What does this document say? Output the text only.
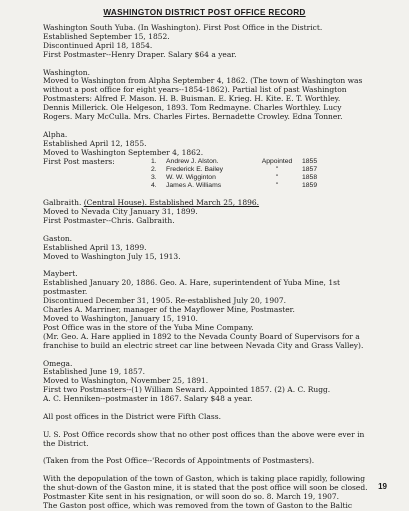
WASHINGTON DISTRICT POST OFFICE RECORD
Washington South Yuba. (In Washington). First Post Office in the District.
Established September 15, 1852.
Discontinued April 18, 1854.
First Postmaster--Henry Draper. Salary $64 a year.
Washington.
Moved to Washington from Alpha September 4, 1862. (The town of Washington was
without a post office for eight years--1854-1862). Partial list of past Washington
Postmasters: Alfred F. Mason. H. B. Buisman. E. Krieg. H. Kite. E. T. Worthley.
Dennis Millerick. Ole Helgeson, 1893. Tom Redmayne. Charles Worthley. Lucy
Rogers. Mary McCulla. Mrs. Charles Firtes. Bernadette Crowley. Edna Tonner.
Alpha.
Established April 12, 1855.
Moved to Washington September 4, 1862.
First Post masters:	1.	Andrew J. Alston.	Appointed	1855
2.	Frederick E. Bailey	''	1857
3.	W. W. Wigginton	''	1858
4.	James A. Williams	''	1859
Galbraith. (Central House). Established March 25, 1896.
Moved to Nevada City January 31, 1899.
First Postmaster--Chris. Galbraith.
Gaston.
Established April 13, 1899.
Moved to Washington July 15, 1913.
Maybert.
Established January 20, 1886. Geo. A. Hare, superintendent of Yuba Mine, 1st
postmaster.
Discontinued December 31, 1905. Re-established July 20, 1907.
Charles A. Marriner, manager of the Mayflower Mine, Postmaster.
Moved to Washington, January 15, 1910.
Post Office was in the store of the Yuba Mine Company.
(Mr. Geo. A. Hare applied in 1892 to the Nevada County Board of Supervisors for a
franchise to build an electric street car line between Nevada City and Grass Valley).
Omega.
Established June 19, 1857.
Moved to Washington, November 25, 1891.
First two Postmasters--(1) William Seward. Appointed 1857. (2) A. C. Rugg.
A. C. Henniken--postmaster in 1867. Salary $48 a year.
All post offices in the District were Fifth Class.
U. S. Post Office records show that no other post offices than the above were ever in
the District.
(Taken from the Post Office--'Records of Appointments of Postmasters).
With the depopulation of the town of Gaston, which is taking place rapidly, following
the shut-down of the Gaston mine, it is stated that the post office will soon be closed.
Postmaster Kite sent in his resignation, or will soon do so. 8. March 19, 1907.
The Gaston post office, which was removed from the town of Gaston to the Baltic
19
